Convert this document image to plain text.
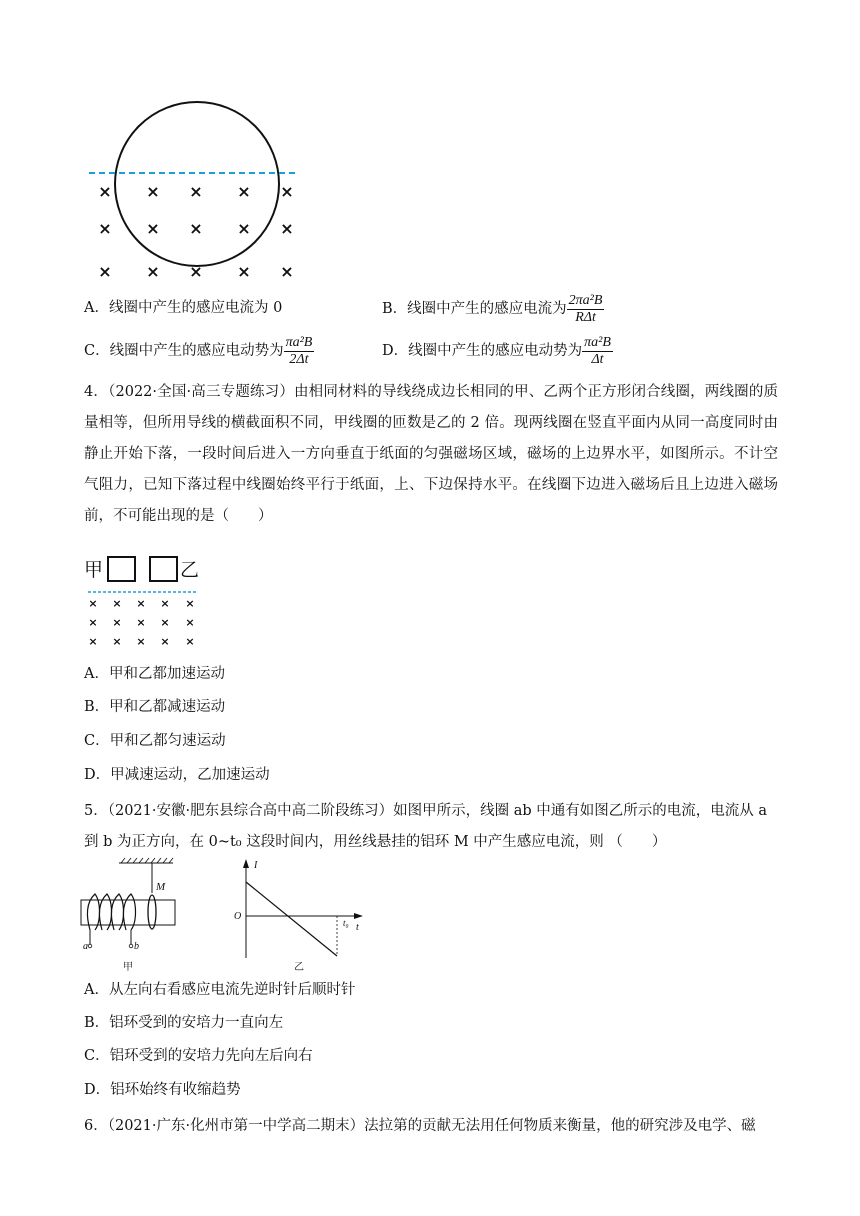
× × × × ×
× × × × ×
× × × × ×
A．线圈中产生的感应电流为 0	B．线圈中产生的感应电流为 $\frac{\text{2πa²B}}{\text{RΔt}}$
C．线圈中产生的感应电动势为 $\frac{\text{πa²B}}{2\Delta t}$	D．线圈中产生的感应电动势为 $\frac{\text{πa²B}}{\Delta t}$
4．（2022·全国·高三专题练习）由相同材料的导线绕成边长相同的甲、乙两个正方形闭合线圈，两线圈的质量相等，但所用导线的横截面积不同，甲线圈的匝数是乙的 2 倍。现两线圈在竖直平面内从同一高度同时由静止开始下落，一段时间后进入一方向垂直于纸面的匀强磁场区域，磁场的上边界水平，如图所示。不计空气阻力，已知下落过程中线圈始终平行于纸面，上、下边保持水平。在线圈下边进入磁场后且上边进入磁场前，不可能出现的是（　　）
甲	乙
× × × × ×
× × × × ×
× × × × ×
A．甲和乙都加速运动
B．甲和乙都减速运动
C．甲和乙都匀速运动
D．甲减速运动，乙加速运动
5．（2021·安徽·肥东县综合高中高二阶段练习）如图甲所示，线圈 ab 中通有如图乙所示的电流，电流从 a
到 b 为正方向，在 0~t₀ 这段时间内，用丝线悬挂的铝环 M 中产生感应电流，则 （　　）
M
a	b
甲
I
t
O
t₀
乙
A．从左向右看感应电流先逆时针后顺时针
B．铝环受到的安培力一直向左
C．铝环受到的安培力先向左后向右
D．铝环始终有收缩趋势
6．（2021·广东·化州市第一中学高二期末）法拉第的贡献无法用任何物质来衡量，他的研究涉及电学、磁
